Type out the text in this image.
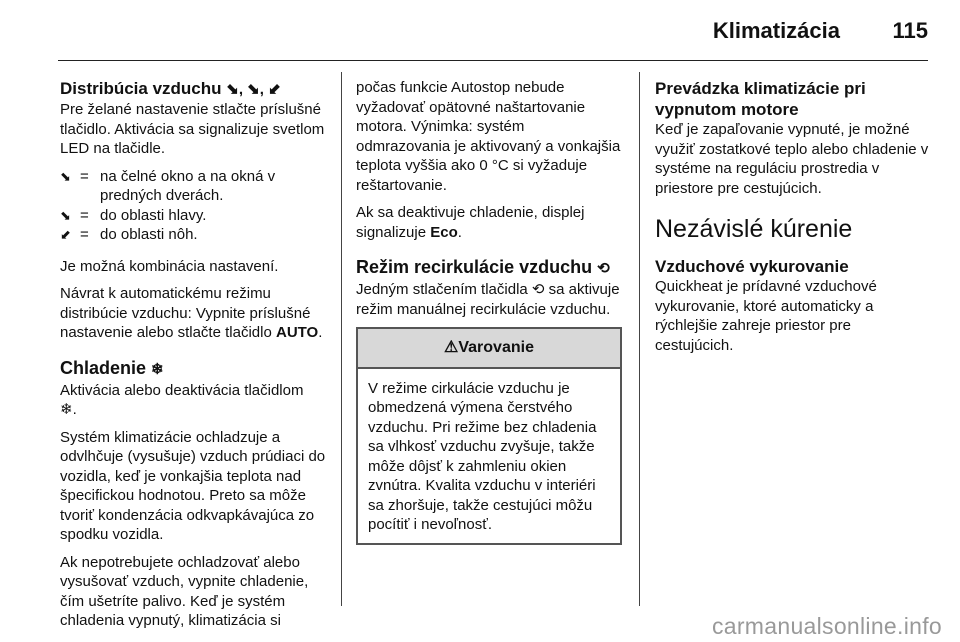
Klimatizácia 115
Distribúcia vzduchu ⬊, ⬊, ⬋

Pre želané nastavenie stlačte príslušné tlačidlo. Aktivácia sa signalizuje svetlom LED na tlačidle.

⬊ = na čelné okno a na okná v predných dverách.
⬊ = do oblasti hlavy.
⬋ = do oblasti nôh.

Je možná kombinácia nastavení.

Návrat k automatickému režimu distribúcie vzduchu: Vypnite príslušné nastavenie alebo stlačte tlačidlo AUTO.

Chladenie ❄

Aktivácia alebo deaktivácia tlačidlom
❄.

Systém klimatizácie ochladzuje a odvlhčuje (vysušuje) vzduch prúdiaci do vozidla, keď je vonkajšia teplota nad špecifickou hodnotou. Preto sa môže tvoriť kondenzácia odkvapkávajúca zo spodku vozidla.

Ak nepotrebujete ochladzovať alebo vysušovať vzduch, vypnite chladenie, čím ušetríte palivo. Keď je systém chladenia vypnutý, klimatizácia si

počas funkcie Autostop nebude vyžadovať opätovné naštartovanie motora. Výnimka: systém odmrazovania je aktivovaný a vonkajšia teplota vyššia ako 0 °C si vyžaduje reštartovanie.

Ak sa deaktivuje chladenie, displej signalizuje Eco.

Režim recirkulácie vzduchu ⟲

Jedným stlačením tlačidla ⟲ sa aktivuje režim manuálnej recirkulácie vzduchu.

⚠Varovanie
V režime cirkulácie vzduchu je obmedzená výmena čerstvého vzduchu. Pri režime bez chladenia sa vlhkosť vzduchu zvyšuje, takže môže dôjsť k zahmleniu okien zvnútra. Kvalita vzduchu v interiéri sa zhoršuje, takže cestujúci môžu pocítiť i nevoľnosť.
Prevádzka klimatizácie pri vypnutom motore

Keď je zapaľovanie vypnuté, je možné využiť zostatkové teplo alebo chladenie v systéme na reguláciu prostredia v priestore pre cestujúcich.

Nezávislé kúrenie
Vzduchové vykurovanie

Quickheat je prídavné vzduchové vykurovanie, ktoré automaticky a rýchlejšie zahreje priestor pre cestujúcich.

carmanualsonline.info
